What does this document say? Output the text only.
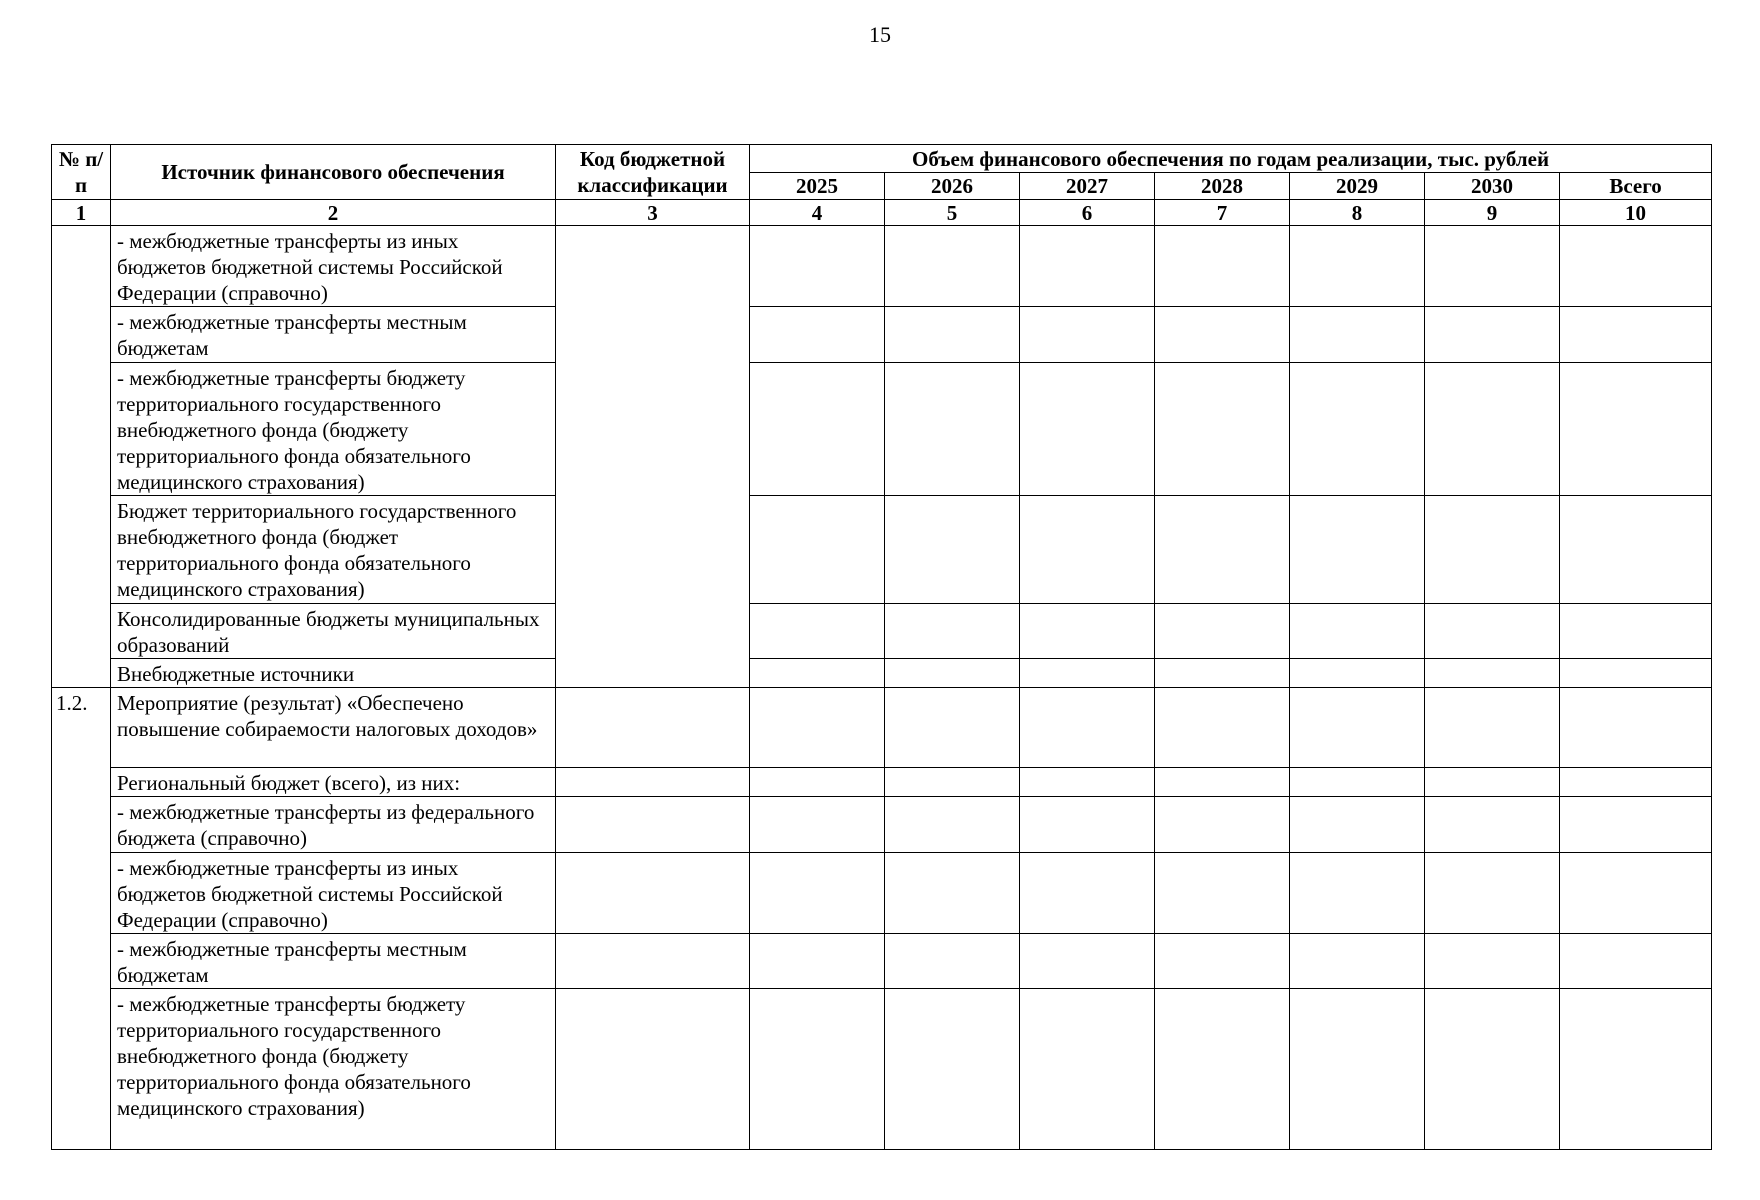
15
№ п/п	Источник финансового обеспечения	Код бюджетной классификации	Объем финансового обеспечения по годам реализации, тыс. рублей						
			2025	2026	2027	2028	2029	2030	Всего
1	2	3	4	5	6	7	8	9	10
	- межбюджетные трансферты из иных бюджетов бюджетной системы Российской Федерации (справочно)								
	- межбюджетные трансферты местным бюджетам								
	- межбюджетные трансферты бюджету территориального государственного внебюджетного фонда (бюджету территориального фонда обязательного медицинского страхования)								
	Бюджет территориального государственного внебюджетного фонда (бюджет территориального фонда обязательного медицинского страхования)								
	Консолидированные бюджеты муниципальных образований								
	Внебюджетные источники								
1.2.	Мероприятие (результат) «Обеспечено повышение собираемости налоговых доходов»								
	Региональный бюджет (всего), из них:								
	- межбюджетные трансферты из федерального бюджета (справочно)								
	- межбюджетные трансферты из иных бюджетов бюджетной системы Российской Федерации (справочно)								
	- межбюджетные трансферты местным бюджетам								
	- межбюджетные трансферты бюджету территориального государственного внебюджетного фонда (бюджету территориального фонда обязательного медицинского страхования)								
